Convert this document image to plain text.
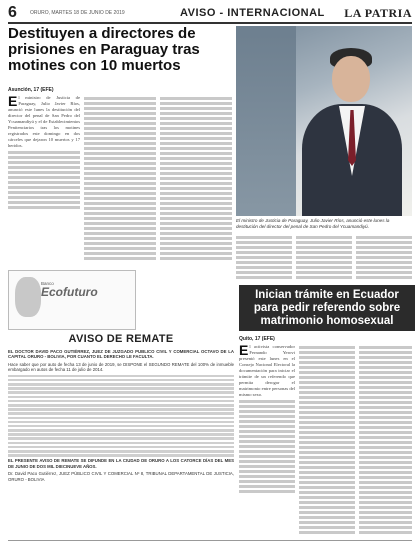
6	ORURO, MARTES 18 DE JUNIO DE 2019	AVISO - INTERNACIONAL LA PATRIA
Destituyen a directores de prisiones en Paraguay tras motines con 10 muertos
Asunción, 17 (EFE)
El ministro de Justicia de Paraguay, Julio Javier Ríos, anunció este lunes la destitución del director del penal de San Pedro del Ycuamandiyú y el de Establecimientos Penitenciarios tras los motines registrados este domingo en dos cárceles que dejaron 10 muertos y 17 heridos.
El ministro de Justicia de Paraguay, Julio Javier Ríos, anunció este lunes la destitución del director del penal de San Pedro del Ycuamandiyú.
Banco
Ecofuturo
AVISO DE REMATE

EL DOCTOR DAVID PACO GUTIÉRREZ, JUEZ DE JUZGADO PUBLICO CIVIL Y COMERCIAL OCTAVO DE LA CAPITAL ORURO - BOLIVIA, POR CUANTO EL DERECHO LE FACULTA.

Hace saber que por auto de fecha 13 de junio de 2019, se DISPONE el SEGUNDO REMATE del 100% de inmueble embargado en autos de fecha 11 de julio de 2014.

EL PRESENTE AVISO DE REMATE SE DIFUNDE EN LA CIUDAD DE ORURO A LOS CATORCE DÍAS DEL MES DE JUNIO DE DOS MIL DIECINUEVE AÑOS.

Dr. David Paco Gutiérrez, JUEZ PÚBLICO CIVIL Y COMERCIAL Nº 8, TRIBUNAL DEPARTAMENTAL DE JUSTICIA, ORURO - BOLIVIA

Inician trámite en Ecuador para pedir referendo sobre matrimonio homosexual
Quito, 17 (EFE)
El activista conservador Fernando Yerovi presentó este lunes en el Consejo Nacional Electoral la documentación para iniciar el trámite de un referendo que permita derogar el matrimonio entre personas del mismo sexo.
